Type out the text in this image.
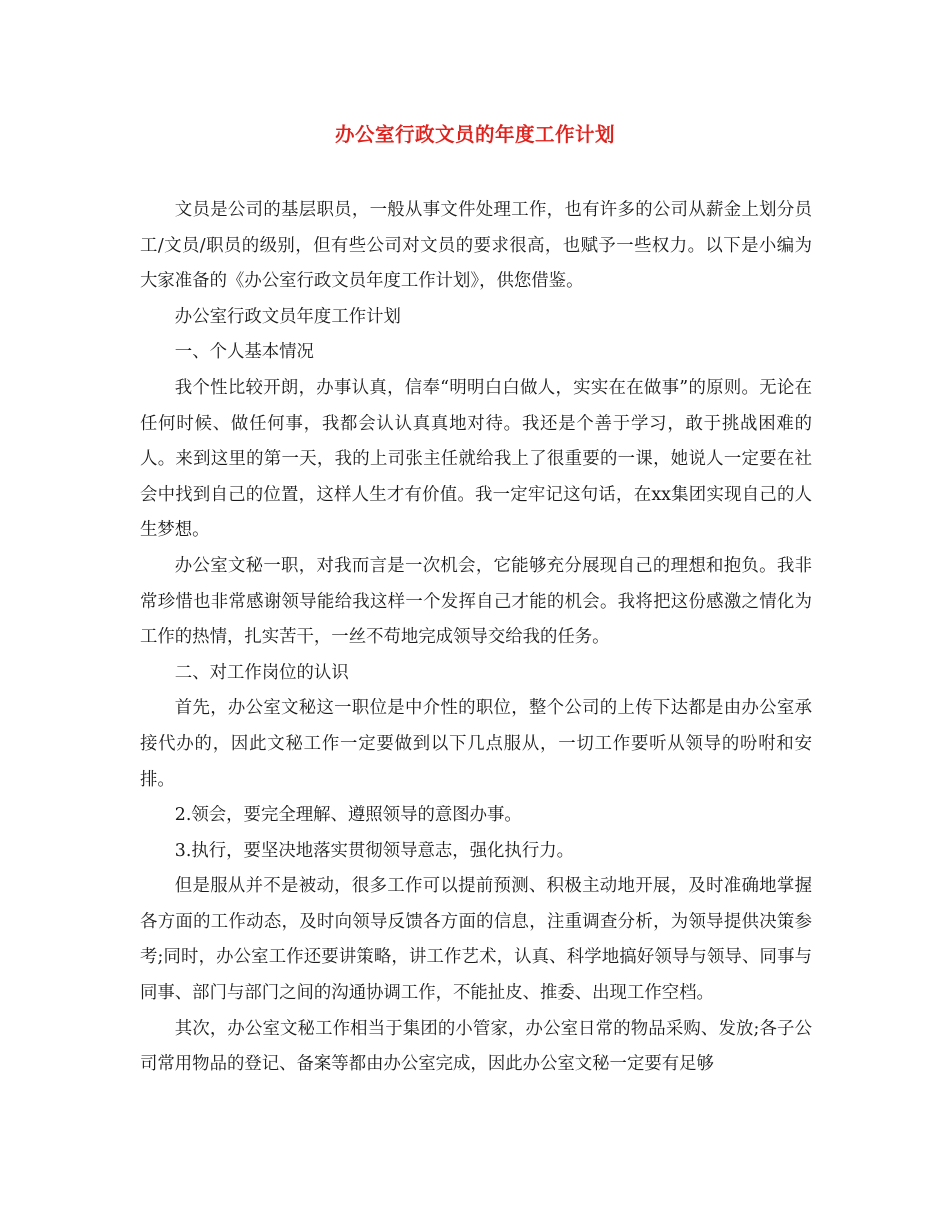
办公室行政文员的年度工作计划

文员是公司的基层职员，一般从事文件处理工作，也有许多的公司从薪金上划分员工/文员/职员的级别，但有些公司对文员的要求很高，也赋予一些权力。以下是小编为大家准备的《办公室行政文员年度工作计划》，供您借鉴。

办公室行政文员年度工作计划

一、个人基本情况

我个性比较开朗，办事认真，信奉“明明白白做人，实实在在做事”的原则。无论在任何时候、做任何事，我都会认认真真地对待。我还是个善于学习，敢于挑战困难的人。来到这里的第一天，我的上司张主任就给我上了很重要的一课，她说人一定要在社会中找到自己的位置，这样人生才有价值。我一定牢记这句话，在xx集团实现自己的人生梦想。

办公室文秘一职，对我而言是一次机会，它能够充分展现自己的理想和抱负。我非常珍惜也非常感谢领导能给我这样一个发挥自己才能的机会。我将把这份感激之情化为工作的热情，扎实苦干，一丝不苟地完成领导交给我的任务。

二、对工作岗位的认识

首先，办公室文秘这一职位是中介性的职位，整个公司的上传下达都是由办公室承接代办的，因此文秘工作一定要做到以下几点服从，一切工作要听从领导的吩咐和安排。

2.领会，要完全理解、遵照领导的意图办事。

3.执行，要坚决地落实贯彻领导意志，强化执行力。

但是服从并不是被动，很多工作可以提前预测、积极主动地开展，及时准确地掌握各方面的工作动态，及时向领导反馈各方面的信息，注重调查分析，为领导提供决策参考;同时，办公室工作还要讲策略，讲工作艺术，认真、科学地搞好领导与领导、同事与同事、部门与部门之间的沟通协调工作，不能扯皮、推委、出现工作空档。

其次，办公室文秘工作相当于集团的小管家，办公室日常的物品采购、发放;各子公司常用物品的登记、备案等都由办公室完成，因此办公室文秘一定要有足够
